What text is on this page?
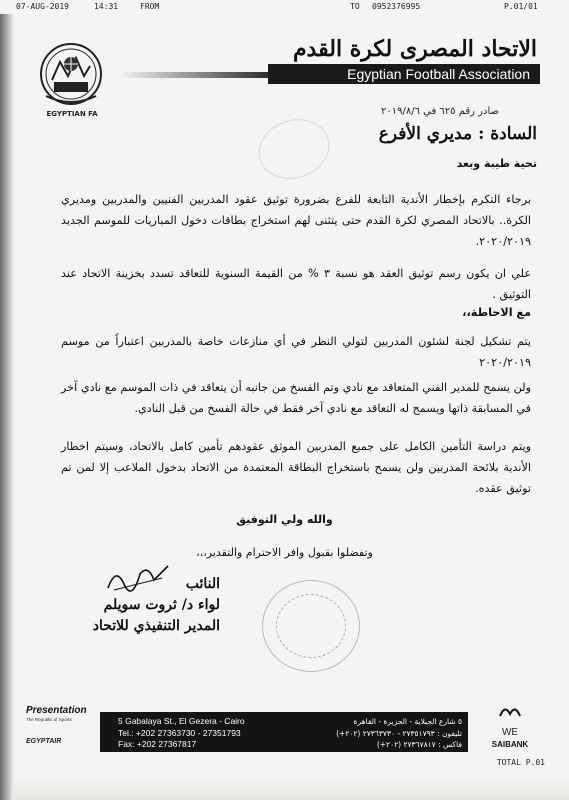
07-AUG-2019	14:31	FROM	TO 0952376995	P.01/01
EGYPTIAN FA
الاتحاد المصرى لكرة القدم
Egyptian Football Association
صادر رقم ٦٢٥ في ٢٠١٩/٨/٦
السادة : مديري الأفرع
تحية طيبة وبعد
برجاء التكرم بإخطار الأندية التابعة للفرع بضرورة توثيق عقود المدربين الفنيين والمدربين ومديري الكرة.. بالاتحاد المصري لكرة القدم حتى يتثنى لهم استخراج بطاقات دخول المباريات للموسم الجديد ٢٠٢٠/٢٠١٩.
علي ان يكون رسم توثيق العقد هو نسبة ٣ % من القيمة السنوية للتعاقد تسدد بخزينة الاتحاد عند التوثيق .
مع الاحاطة،،
يتم تشكيل لجنة لشئون المدربين لتولي النظر في أي منازعات خاصة بالمدربين اعتباراً من موسم ٢٠٢٠/٢٠١٩
ولن يسمح للمدير الفني المتعاقد مع نادي وتم الفسخ من جانبه أن يتعاقد في ذات الموسم مع نادي آخر في المسابقة ذاتها ويسمح له التعاقد مع نادي آخر فقط في حالة الفسخ من قبل النادي.
ويتم دراسة التأمين الكامل على جميع المدربين الموثق عقودهم تأمين كامل بالاتحاد، وسيتم اخطار الأندية بلائحة المدربين ولن يسمح باستخراج البطاقة المعتمدة من الاتحاد بدخول الملاعب إلا لمن تم توثيق عقده.
والله ولي التوفيق
وتفضلوا بقبول وافر الاحترام والتقدير،،،
النائب
لواء د/ ثروت سويلم
المدير التنفيذي للاتحاد
Presentation
The Republic of Sports
EGYPTAIR
5 Gabalaya St., El Gezera - Cairo
Tel.: +202 27363730 - 27351793
Fax: +202 27367817
٥ شارع الجبلاية - الجزيرة - القاهرة
تليفون : ٢٧٣٥١٧٩٣ - ٢٧٣٦٣٧٣٠ (٢٠٢+)
فاكس : ٢٧٣٦٧٨١٧ (٢٠٢+)
WE
SAIBANK
TOTAL P.01
